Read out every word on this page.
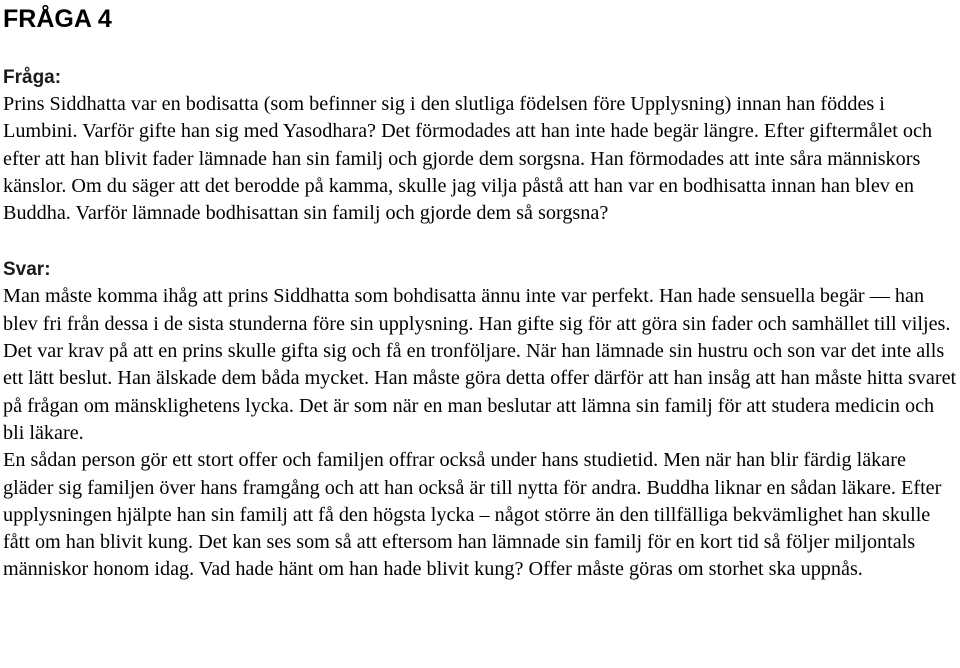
FRÅGA 4
Fråga:

Prins Siddhatta var en bodisatta (som befinner sig i den slutliga födelsen före Upplysning) innan han föddes i Lumbini. Varför gifte han sig med Yasodhara? Det förmodades att han inte hade begär längre. Efter giftermålet och efter att han blivit fader lämnade han sin familj och gjorde dem sorgsna. Han förmodades att inte såra människors känslor. Om du säger att det berodde på kamma, skulle jag vilja påstå att han var en bodhisatta innan han blev en Buddha. Varför lämnade bodhisattan sin familj och gjorde dem så sorgsna?

Svar:

Man måste komma ihåg att prins Siddhatta som bohdisatta ännu inte var perfekt. Han hade sensuella begär — han blev fri från dessa i de sista stunderna före sin upplysning. Han gifte sig för att göra sin fader och samhället till viljes. Det var krav på att en prins skulle gifta sig och få en tronföljare. När han lämnade sin hustru och son var det inte alls ett lätt beslut. Han älskade dem båda mycket. Han måste göra detta offer därför att han insåg att han måste hitta svaret på frågan om mänsklighetens lycka. Det är som när en man beslutar att lämna sin familj för att studera medicin och bli läkare.

En sådan person gör ett stort offer och familjen offrar också under hans studietid. Men när han blir färdig läkare gläder sig familjen över hans framgång och att han också är till nytta för andra. Buddha liknar en sådan läkare. Efter upplysningen hjälpte han sin familj att få den högsta lycka – något större än den tillfälliga bekvämlighet han skulle fått om han blivit kung. Det kan ses som så att eftersom han lämnade sin familj för en kort tid så följer miljontals människor honom idag. Vad hade hänt om han hade blivit kung? Offer måste göras om storhet ska uppnås.
